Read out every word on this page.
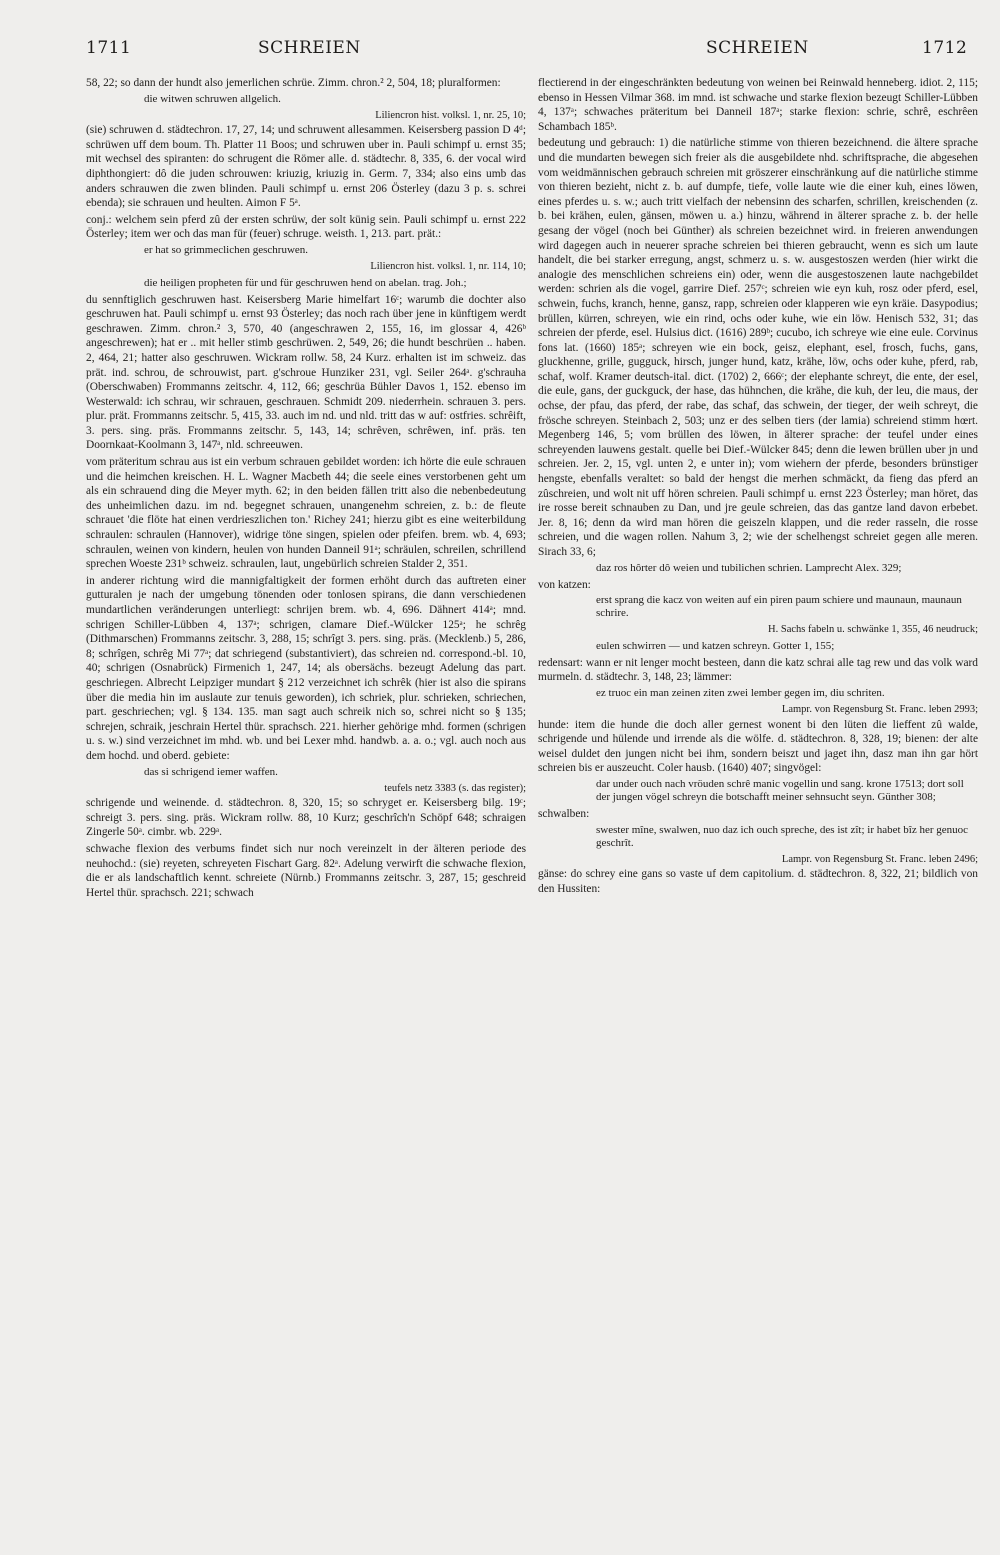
1711	SCHREIEN	SCHREIEN	1712
58, 22; so dann der hundt also jemerlichen schrüe. Zimm. chron.² 2, 504, 18; pluralformen:
die witwen schruwen allgelich.
Liliencron hist. volksl. 1, nr. 25, 10;
(sie) schruwen d. städtechron. 17, 27, 14; und schruwent allesammen. Keisersberg passion D 4ᵈ; schrüwen uff dem boum. Th. Platter 11 Boos; und schruwen uber in. Pauli schimpf u. ernst 35; mit wechsel des spiranten: do schrugent die Römer alle. d. städtechr. 8, 335, 6. der vocal wird diphthongiert: dô die juden schrouwen: kriuzig, kriuzig in. Germ. 7, 334; also eins umb das anders schrauwen die zwen blinden. Pauli schimpf u. ernst 206 Österley (dazu 3 p. s. schrei ebenda); sie schrauen und heulten. Aimon F 5ᵃ.
conj.: welchem sein pferd zû der ersten schrüw, der solt künig sein. Pauli schimpf u. ernst 222 Österley; item wer och das man für (feuer) schruge. weisth. 1, 213. part. prät.:
er hat so grimmeclichen geschruwen.
Liliencron hist. volksl. 1, nr. 114, 10;
die heiligen propheten für und für geschruwen hend on abelan. trag. Joh.;
du sennftiglich geschruwen hast. Keisersberg Marie himelfart 16ᶜ; warumb die dochter also geschruwen hat. Pauli schimpf u. ernst 93 Österley; das noch rach über jene in künftigem werdt geschrawen. Zimm. chron.² 3, 570, 40 (angeschrawen 2, 155, 16, im glossar 4, 426ᵇ angeschrewen); hat er .. mit heller stimb geschrüwen. 2, 549, 26; die hundt beschrüen .. haben. 2, 464, 21; hatter also geschruwen. Wickram rollw. 58, 24 Kurz. erhalten ist im schweiz. das prät. ind. schrou, de schrouwist, part. g'schroue Hunziker 231, vgl. Seiler 264ᵃ. g'schrauha (Oberschwaben) Frommanns zeitschr. 4, 112, 66; geschrüa Bühler Davos 1, 152. ebenso im Westerwald: ich schrau, wir schrauen, geschrauen. Schmidt 209. niederrhein. schrauen 3. pers. plur. prät. Frommanns zeitschr. 5, 415, 33. auch im nd. und nld. tritt das w auf: ostfries. schrêift, 3. pers. sing. präs. Frommanns zeitschr. 5, 143, 14; schrêven, schrêwen, inf. präs. ten Doornkaat-Koolmann 3, 147ᵃ, nld. schreeuwen.
vom präteritum schrau aus ist ein verbum schrauen gebildet worden: ich hörte die eule schrauen und die heimchen kreischen. H. L. Wagner Macbeth 44; die seele eines verstorbenen geht um als ein schrauend ding die Meyer myth. 62; in den beiden fällen tritt also die nebenbedeutung des unheimlichen dazu. im nd. begegnet schrauen, unangenehm schreien, z. b.: de fleute schrauet 'die flöte hat einen verdrieszlichen ton.' Richey 241; hierzu gibt es eine weiterbildung schraulen: schraulen (Hannover), widrige töne singen, spielen oder pfeifen. brem. wb. 4, 693; schraulen, weinen von kindern, heulen von hunden Danneil 91ᵃ; schräulen, schreilen, schrillend sprechen Woeste 231ᵇ schweiz. schraulen, laut, ungebürlich schreien Stalder 2, 351.
in anderer richtung wird die mannigfaltigkeit der formen erhöht durch das auftreten einer gutturalen je nach der umgebung tönenden oder tonlosen spirans, die dann verschiedenen mundartlichen veränderungen unterliegt: schrijen brem. wb. 4, 696. Dähnert 414ᵃ; mnd. schrigen Schiller-Lübben 4, 137ᵃ; schrigen, clamare Dief.-Wülcker 125ᵃ; he schrêg (Dithmarschen) Frommanns zeitschr. 3, 288, 15; schrîgt 3. pers. sing. präs. (Mecklenb.) 5, 286, 8; schrîgen, schrêg Mi 77ᵃ; dat schriegend (substantiviert), das schreien nd. correspond.-bl. 10, 40; schrigen (Osnabrück) Firmenich 1, 247, 14; als obersächs. bezeugt Adelung das part. geschriegen. Albrecht Leipziger mundart § 212 verzeichnet ich schrêk (hier ist also die spirans über die media hin im auslaute zur tenuis geworden), ich schriek, plur. schrieken, schriechen, part. geschriechen; vgl. § 134. 135. man sagt auch schreik nich so, schrei nicht so § 135; schrejen, schraik, jeschrain Hertel thür. sprachsch. 221. hierher gehörige mhd. formen (schrigen u. s. w.) sind verzeichnet im mhd. wb. und bei Lexer mhd. handwb. a. a. o.; vgl. auch noch aus dem hochd. und oberd. gebiete:
das si schrigend iemer waffen.
teufels netz 3383 (s. das register);
schrigende und weinende. d. städtechron. 8, 320, 15; so schryget er. Keisersberg bilg. 19ᶜ; schreigt 3. pers. sing. präs. Wickram rollw. 88, 10 Kurz; geschrîch'n Schöpf 648; schraigen Zingerle 50ᵃ. cimbr. wb. 229ᵃ.
schwache flexion des verbums findet sich nur noch vereinzelt in der älteren periode des neuhochd.: (sie) reyeten, schreyeten Fischart Garg. 82ᵃ. Adelung verwirft die schwache flexion, die er als landschaftlich kennt. schreiete (Nürnb.) Frommanns zeitschr. 3, 287, 15; geschreid Hertel thür. sprachsch. 221; schwach
flectierend in der eingeschränkten bedeutung von weinen bei Reinwald henneberg. idiot. 2, 115; ebenso in Hessen Vilmar 368. im mnd. ist schwache und starke flexion bezeugt Schiller-Lübben 4, 137ᵃ; schwaches präteritum bei Danneil 187ᵃ; starke flexion: schrie, schrê, eschrêen Schambach 185ᵇ.
bedeutung und gebrauch: 1) die natürliche stimme von thieren bezeichnend. die ältere sprache und die mundarten bewegen sich freier als die ausgebildete nhd. schriftsprache, die abgesehen vom weidmännischen gebrauch schreien mit gröszerer einschränkung auf die natürliche stimme von thieren bezieht, nicht z. b. auf dumpfe, tiefe, volle laute wie die einer kuh, eines löwen, eines pferdes u. s. w.; auch tritt vielfach der nebensinn des scharfen, schrillen, kreischenden (z. b. bei krähen, eulen, gänsen, möwen u. a.) hinzu, während in älterer sprache z. b. der helle gesang der vögel (noch bei Günther) als schreien bezeichnet wird. in freieren anwendungen wird dagegen auch in neuerer sprache schreien bei thieren gebraucht, wenn es sich um laute handelt, die bei starker erregung, angst, schmerz u. s. w. ausgestoszen werden (hier wirkt die analogie des menschlichen schreiens ein) oder, wenn die ausgestoszenen laute nachgebildet werden: schrien als die vogel, garrire Dief. 257ᶜ; schreien wie eyn kuh, rosz oder pferd, esel, schwein, fuchs, kranch, henne, gansz, rapp, schreien oder klapperen wie eyn kräie. Dasypodius; brüllen, kürren, schreyen, wie ein rind, ochs oder kuhe, wie ein löw. Henisch 532, 31; das schreien der pferde, esel. Hulsius dict. (1616) 289ᵇ; cucubo, ich schreye wie eine eule. Corvinus fons lat. (1660) 185ᵃ; schreyen wie ein bock, geisz, elephant, esel, frosch, fuchs, gans, gluckhenne, grille, gugguck, hirsch, junger hund, katz, krähe, löw, ochs oder kuhe, pferd, rab, schaf, wolf. Kramer deutsch-ital. dict. (1702) 2, 666ᶜ; der elephante schreyt, die ente, der esel, die eule, gans, der guckguck, der hase, das hühnchen, die krähe, die kuh, der leu, die maus, der ochse, der pfau, das pferd, der rabe, das schaf, das schwein, der tieger, der weih schreyt, die frösche schreyen. Steinbach 2, 503; unz er des selben tiers (der lamia) schreiend stimm hœrt. Megenberg 146, 5; vom brüllen des löwen, in älterer sprache: der teufel under eines schreyenden lauwens gestalt. quelle bei Dief.-Wülcker 845; denn die lewen brüllen uber jn und schreien. Jer. 2, 15, vgl. unten 2, e unter in); vom wiehern der pferde, besonders brünstiger hengste, ebenfalls veraltet: so bald der hengst die merhen schmäckt, da fieng das pferd an zûschreien, und wolt nit uff hören schreien. Pauli schimpf u. ernst 223 Österley; man höret, das ire rosse bereit schnauben zu Dan, und jre geule schreien, das das gantze land davon erbebet. Jer. 8, 16; denn da wird man hören die geiszeln klappen, und die reder rasseln, die rosse schreien, und die wagen rollen. Nahum 3, 2; wie der schelhengst schreiet gegen alle meren. Sirach 33, 6;
daz ros hôrter dô weien und tubilichen schrien. Lamprecht Alex. 329;
von katzen:
erst sprang die kacz von weiten auf ein piren paum schiere und maunaun, maunaun schrire.
H. Sachs fabeln u. schwänke 1, 355, 46 neudruck;
eulen schwirren — und katzen schreyn. Gotter 1, 155;
redensart: wann er nit lenger mocht besteen, dann die katz schrai alle tag rew und das volk ward murmeln. d. städtechr. 3, 148, 23; lämmer:
ez truoc ein man zeinen ziten zwei lember gegen im, diu schriten.
Lampr. von Regensburg St. Franc. leben 2993;
hunde: item die hunde die doch aller gernest wonent bi den lüten die lieffent zû walde, schrigende und hülende und irrende als die wölfe. d. städtechron. 8, 328, 19; bienen: der alte weisel duldet den jungen nicht bei ihm, sondern beiszt und jaget ihn, dasz man ihn gar hört schreien bis er auszeucht. Coler hausb. (1640) 407; singvögel:
dar under ouch nach vröuden schrê manic vogellin und sang. krone 17513; dort soll der jungen vögel schreyn die botschafft meiner sehnsucht seyn. Günther 308;
schwalben:
swester mîne, swalwen, nuo daz ich ouch spreche, des ist zît; ir habet bîz her genuoc geschrît.
Lampr. von Regensburg St. Franc. leben 2496;
gänse: do schrey eine gans so vaste uf dem capitolium. d. städtechron. 8, 322, 21; bildlich von den Hussiten:
